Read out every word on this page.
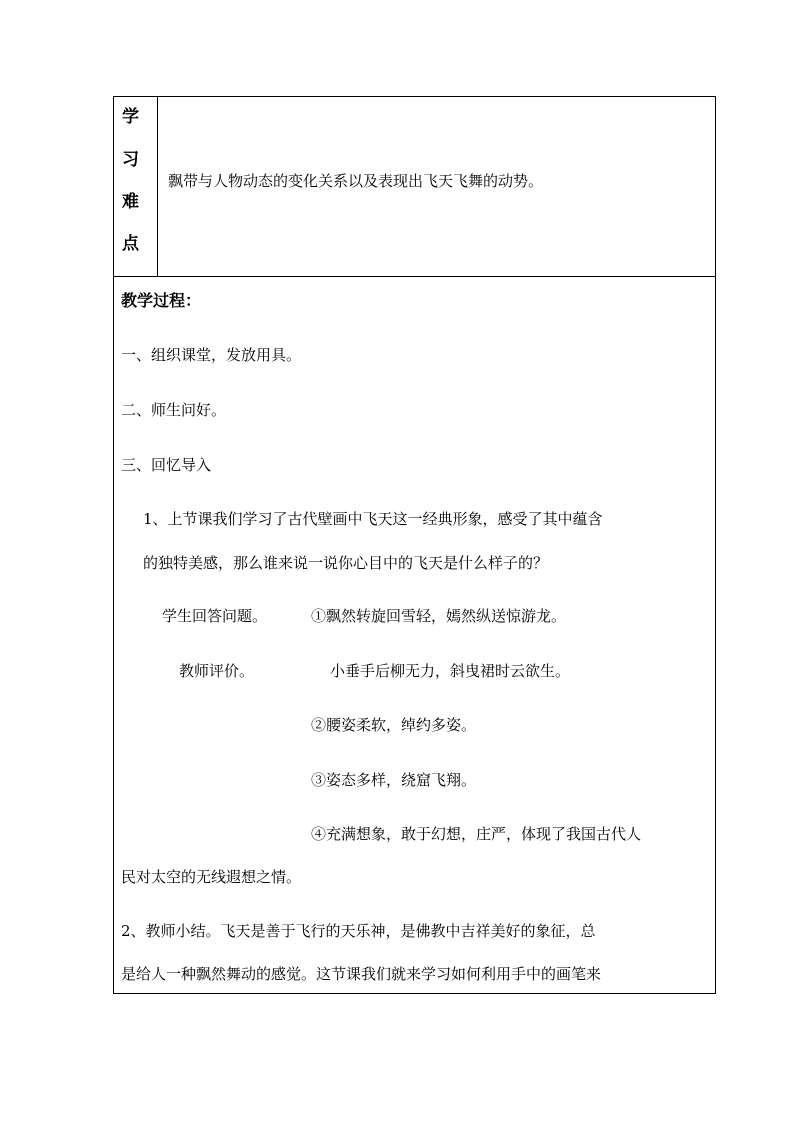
学
习
难
点
飘带与人物动态的变化关系以及表现出飞天飞舞的动势。
教学过程：
一、组织课堂，发放用具。
二、师生问好。
三、回忆导入
1、上节课我们学习了古代壁画中飞天这一经典形象，感受了其中蕴含
的独特美感，那么谁来说一说你心目中的飞天是什么样子的？
学生回答问题。	①飘然转旋回雪轻，嫣然纵送惊游龙。
教师评价。	小垂手后柳无力，斜曳裙时云欲生。
②腰姿柔软，绰约多姿。
③姿态多样，绕窟飞翔。
④充满想象，敢于幻想，庄严，体现了我国古代人
民对太空的无线遐想之情。
2、教师小结。飞天是善于飞行的天乐神，是佛教中吉祥美好的象征，总
是给人一种飘然舞动的感觉。这节课我们就来学习如何利用手中的画笔来
